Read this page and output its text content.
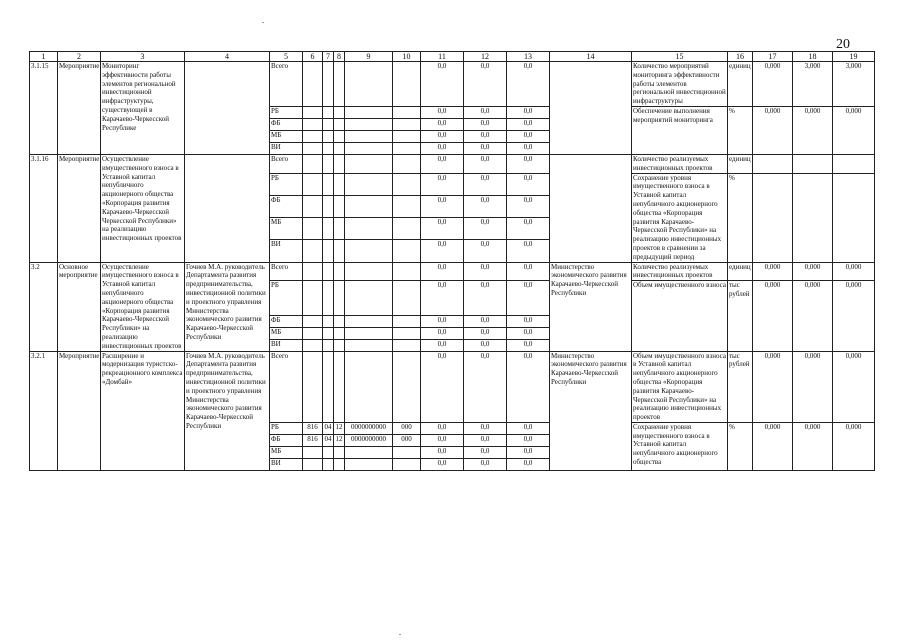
20
1	2	3	4	5	6	7	8	9	10	11	12	13	14	15	16	17	18	19
3.1.15	Мероприятие	Мониторинг эффективности работы элементов региональной инвестиционной инфраструктуры, существующей в Карачаево-Черкесской Республике		Всего						0,0	0,0	0,0		Количество мероприятий мониторинга эффективности работы элементов региональной инвестиционной инфраструктуры	единиц	0,000	3,000	3,000
				РБ						0,0	0,0	0,0		Обеспечение выполнения мероприятий мониторинга	%	0,000	0,000	0,000
				ФБ						0,0	0,0	0,0						
				МБ						0,0	0,0	0,0						
				ВИ						0,0	0,0	0,0						
3.1.16	Мероприятие	Осуществление имущественного взноса в Уставной капитал непубличного акционерного общества «Корпорация развития Карачаево-Черкесской Черкесской Республики» на реализацию инвестиционных проектов		Всего						0,0	0,0	0,0		Количество реализуемых инвестиционных проектов	единиц			
				РБ						0,0	0,0	0,0		Сохранение уровня имущественного взноса в Уставной капитал непубличного акционерного общества «Корпорация развития Карачаево-Черкесской Республики» на реализацию инвестиционных проектов в сравнении за предыдущий период	%			
				ФБ						0,0	0,0	0,0						
				МБ						0,0	0,0	0,0						
				ВИ						0,0	0,0	0,0						
3.2	Основное мероприятие	Осуществление имущественного взноса в Уставной капитал непубличного акционерного общества «Корпорация развития Карачаево-Черкесской Республики» на реализацию инвестиционных проектов	Гочиев М.А. руководитель Департамента развития предпринимательства, инвестиционной политики и проектного управления Министерства экономического развития Карачаево-Черкесской Республики	Всего						0,0	0,0	0,0	Министерство экономического развития Карачаево-Черкесской Республики	Количество реализуемых инвестиционных проектов	единиц	0,000	0,000	0,000
				РБ						0,0	0,0	0,0		Объем имущественного взноса	тыс рублей	0,000	0,000	0,000
				ФБ						0,0	0,0	0,0						
				МБ						0,0	0,0	0,0						
				ВИ						0,0	0,0	0,0						
3.2.1	Мероприятие	Расширение и модернизация туристско-рекреационного комплекса «Домбай»	Гочиев М.А. руководитель Департамента развития предпринимательства, инвестиционной политики и проектного управления Министерства экономического развития Карачаево-Черкесской Республики	Всего						0,0	0,0	0,0	Министерство экономического развития Карачаево-Черкесской Республики	Объем имущественного взноса в Уставной капитал непубличного акционерного общества «Корпорация развития Карачаево-Черкесской Республики» на реализацию инвестиционных проектов	тыс рублей	0,000	0,000	0,000
				РБ	816	04	12	0000000000	000	0,0	0,0	0,0		Сохранение уровня имущественного взноса в Уставной капитал непубличного акционерного общества	%	0,000	0,000	0,000
				ФБ	816	04	12	0000000000	000	0,0	0,0	0,0						
				МБ						0,0	0,0	0,0						
				ВИ						0,0	0,0	0,0						
